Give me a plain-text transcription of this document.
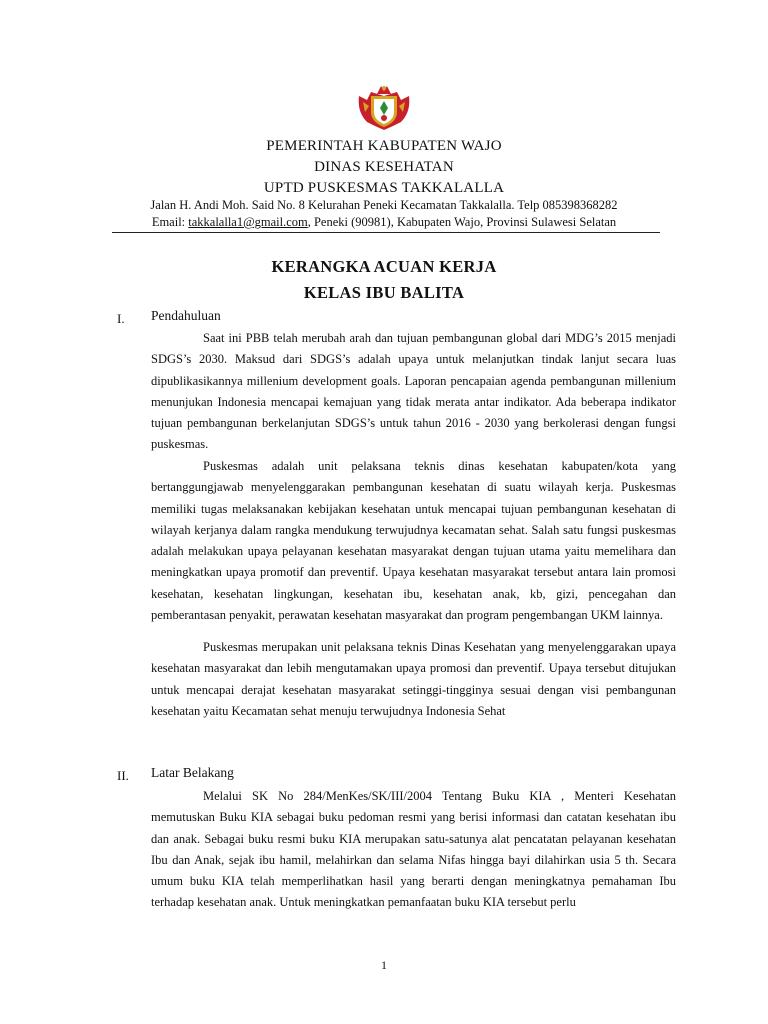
PEMERINTAH KABUPATEN WAJO
DINAS KESEHATAN
UPTD PUSKESMAS TAKKALALLA
Jalan H. Andi Moh. Said No. 8 Kelurahan Peneki Kecamatan Takkalalla. Telp 085398368282
Email: takkalalla1@gmail.com, Peneki (90981), Kabupaten Wajo, Provinsi Sulawesi Selatan
KERANGKA ACUAN KERJA
KELAS IBU BALITA
I. Pendahuluan

Saat ini PBB telah merubah arah dan tujuan pembangunan global dari MDG’s 2015 menjadi SDGS’s 2030. Maksud dari SDGS’s adalah upaya untuk melanjutkan tindak lanjut secara luas dipublikasikannya millenium development goals. Laporan pencapaian agenda pembangunan millenium menunjukan Indonesia mencapai kemajuan yang tidak merata antar indikator. Ada beberapa indikator tujuan pembangunan berkelanjutan SDGS’s untuk tahun 2016 - 2030 yang berkolerasi dengan fungsi puskesmas.

Puskesmas adalah unit pelaksana teknis dinas kesehatan kabupaten/kota yang bertanggungjawab menyelenggarakan pembangunan kesehatan di suatu wilayah kerja. Puskesmas memiliki tugas melaksanakan kebijakan kesehatan untuk mencapai tujuan pembangunan kesehatan di wilayah kerjanya dalam rangka mendukung terwujudnya kecamatan sehat. Salah satu fungsi puskesmas adalah melakukan upaya pelayanan kesehatan masyarakat dengan tujuan utama yaitu memelihara dan meningkatkan upaya promotif dan preventif. Upaya kesehatan masyarakat tersebut antara lain promosi kesehatan, kesehatan lingkungan, kesehatan ibu, kesehatan anak, kb, gizi, pencegahan dan pemberantasan penyakit, perawatan kesehatan masyarakat dan program pengembangan UKM lainnya.

Puskesmas merupakan unit pelaksana teknis Dinas Kesehatan yang menyelenggarakan upaya kesehatan masyarakat dan lebih mengutamakan upaya promosi dan preventif. Upaya tersebut ditujukan untuk mencapai derajat kesehatan masyarakat setinggi-tingginya sesuai dengan visi pembangunan kesehatan yaitu Kecamatan sehat menuju terwujudnya Indonesia Sehat

II. Latar Belakang

Melalui SK No 284/MenKes/SK/III/2004 Tentang Buku KIA , Menteri Kesehatan memutuskan Buku KIA sebagai buku pedoman resmi yang berisi informasi dan catatan kesehatan ibu dan anak. Sebagai buku resmi buku KIA merupakan satu-satunya alat pencatatan pelayanan kesehatan Ibu dan Anak, sejak ibu hamil, melahirkan dan selama Nifas hingga bayi dilahirkan usia 5 th. Secara umum buku KIA telah memperlihatkan hasil yang berarti dengan meningkatnya pemahaman Ibu terhadap kesehatan anak. Untuk meningkatkan pemanfaatan buku KIA tersebut perlu

1
